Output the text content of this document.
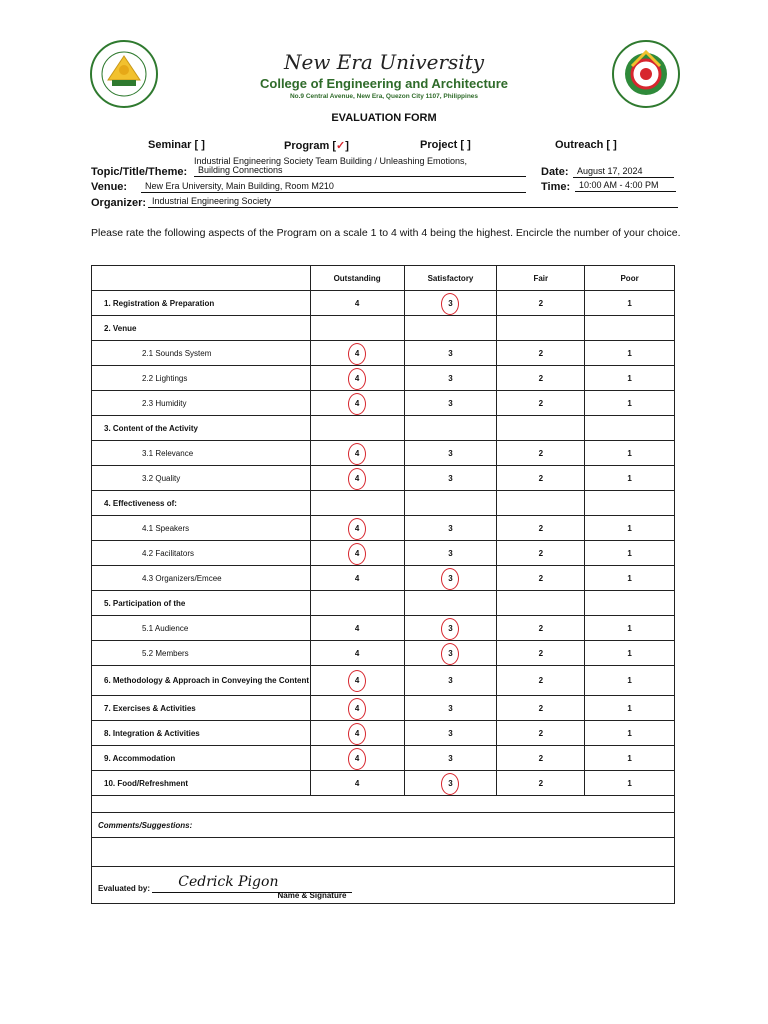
New Era University
College of Engineering and Architecture
No.9 Central Avenue, New Era, Quezon City 1107, Philippines
EVALUATION FORM
Seminar [ ]	Program [✓]	Project [ ]	Outreach [ ]
Topic/Title/Theme:
Industrial Engineering Society Team Building / Unleashing Emotions,
Building Connections
Venue:	New Era University, Main Building, Room M210
Organizer: Industrial Engineering Society
Date: August 17, 2024
Time: 10:00 AM - 4:00 PM
Please rate the following aspects of the Program on a scale 1 to 4 with 4 being the highest. Encircle the number of your choice.
	Outstanding	Satisfactory	Fair	Poor
1. Registration & Preparation	4	3	2	1
2. Venue				
2.1 Sounds System	4	3	2	1
2.2 Lightings	4	3	2	1
2.3 Humidity	4	3	2	1
3. Content of the Activity				
3.1 Relevance	4	3	2	1
3.2 Quality	4	3	2	1
4. Effectiveness of:				
4.1 Speakers	4	3	2	1
4.2 Facilitators	4	3	2	1
4.3 Organizers/Emcee	4	3	2	1
5. Participation of the				
5.1 Audience	4	3	2	1
5.2 Members	4	3	2	1
6. Methodology & Approach in Conveying the Content	4	3	2	1
7. Exercises & Activities	4	3	2	1
8. Integration & Activities	4	3	2	1
9. Accommodation	4	3	2	1
10. Food/Refreshment	4	3	2	1

Comments/Suggestions:				

Evaluated by: Cedrick Pigon
Name & Signature				
